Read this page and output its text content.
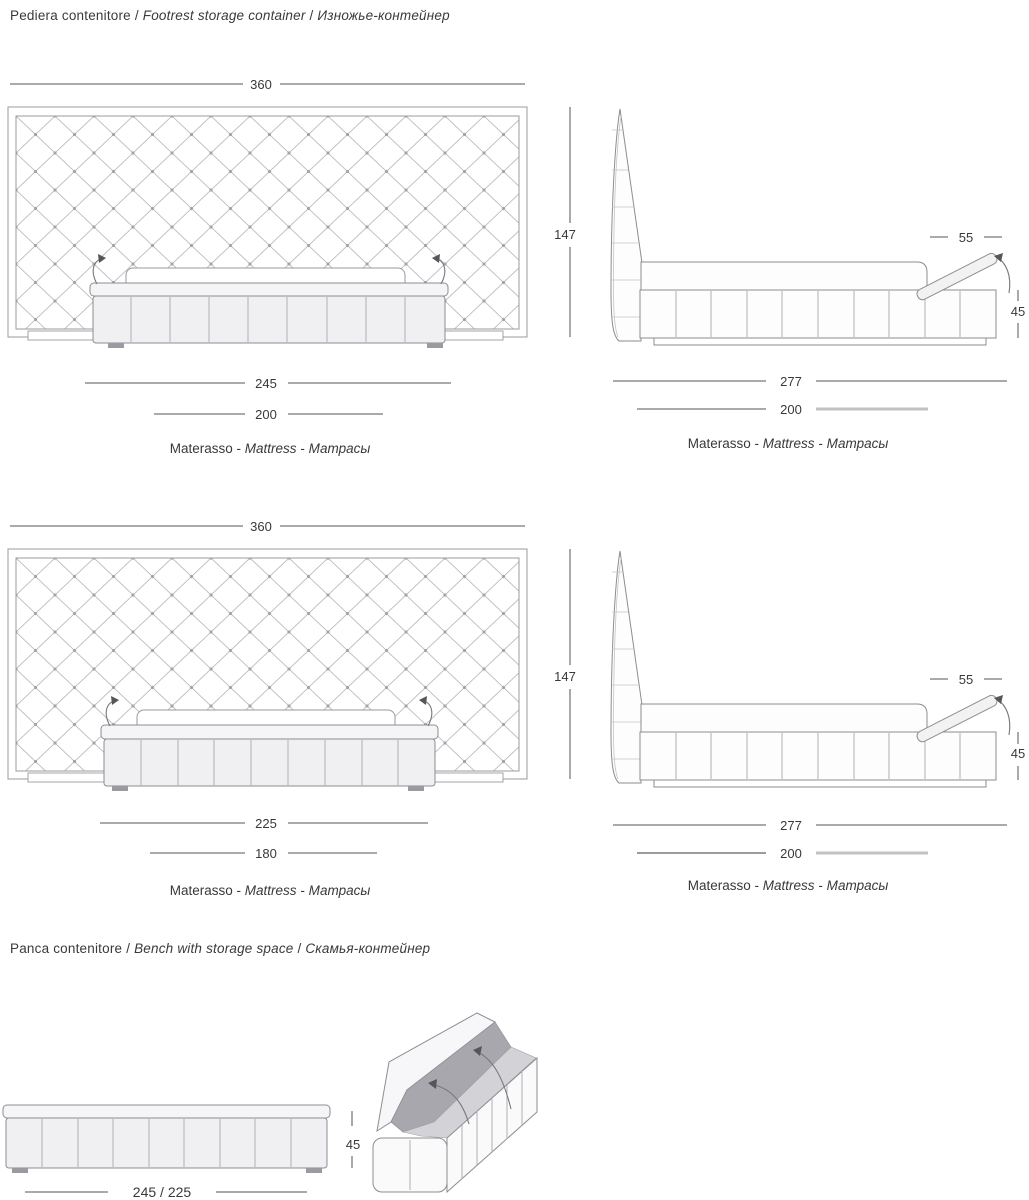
360
147
245
200
55
45
277
200
360
147
225
180
55
45
277
200
245 / 225
45
Pediera contenitore / Footrest storage container / Изножье-контейнер
Panca contenitore / Bench with storage space / Скамья-контейнер
Materasso - Mattress - Матрасы	Materasso - Mattress - Матрасы
Materasso - Mattress - Матрасы	Materasso - Mattress - Матрасы
